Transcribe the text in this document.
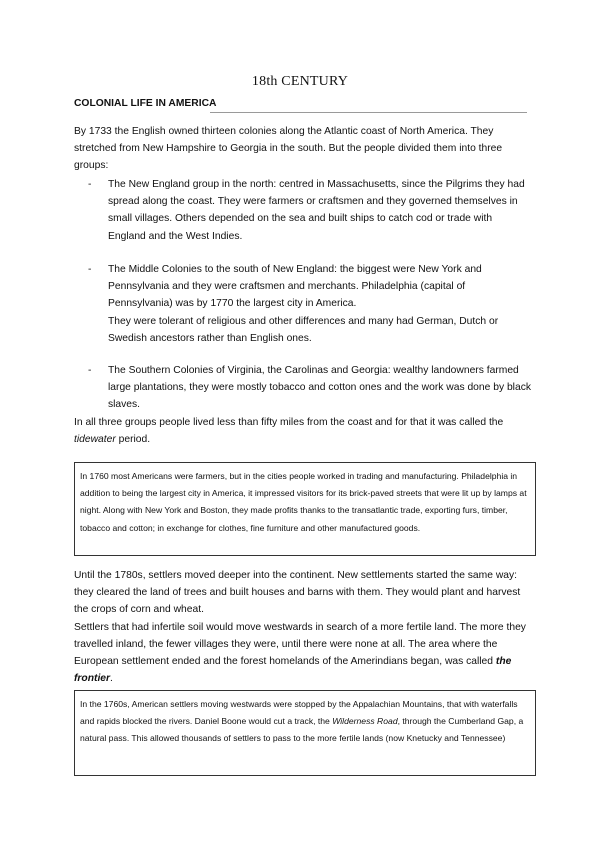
18th CENTURY
COLONIAL LIFE IN AMERICA
By 1733 the English owned thirteen colonies along the Atlantic coast of North America. They stretched from New Hampshire to Georgia in the south. But the people divided them into three groups:
- The New England group in the north: centred in Massachusetts, since the Pilgrims they had spread along the coast. They were farmers or craftsmen and they governed themselves in small villages. Others depended on the sea and built ships to catch cod or trade with England and the West Indies.
- The Middle Colonies to the south of New England: the biggest were New York and Pennsylvania and they were craftsmen and merchants. Philadelphia (capital of Pennsylvania) was by 1770 the largest city in America.
They were tolerant of religious and other differences and many had German, Dutch or Swedish ancestors rather than English ones.
- The Southern Colonies of Virginia, the Carolinas and Georgia: wealthy landowners farmed large plantations, they were mostly tobacco and cotton ones and the work was done by black slaves.
In all three groups people lived less than fifty miles from the coast and for that it was called the tidewater period.
In 1760 most Americans were farmers, but in the cities people worked in trading and manufacturing. Philadelphia in addition to being the largest city in America, it impressed visitors for its brick-paved streets that were lit up by lamps at night. Along with New York and Boston, they made profits thanks to the transatlantic trade, exporting furs, timber, tobacco and cotton; in exchange for clothes, fine furniture and other manufactured goods.
Until the 1780s, settlers moved deeper into the continent. New settlements started the same way: they cleared the land of trees and built houses and barns with them. They would plant and harvest the crops of corn and wheat.
Settlers that had infertile soil would move westwards in search of a more fertile land. The more they travelled inland, the fewer villages they were, until there were none at all. The area where the European settlement ended and the forest homelands of the Amerindians began, was called the frontier.
In the 1760s, American settlers moving westwards were stopped by the Appalachian Mountains, that with waterfalls and rapids blocked the rivers. Daniel Boone would cut a track, the Wilderness Road, through the Cumberland Gap, a natural pass. This allowed thousands of settlers to pass to the more fertile lands (now Knetucky and Tennessee)
